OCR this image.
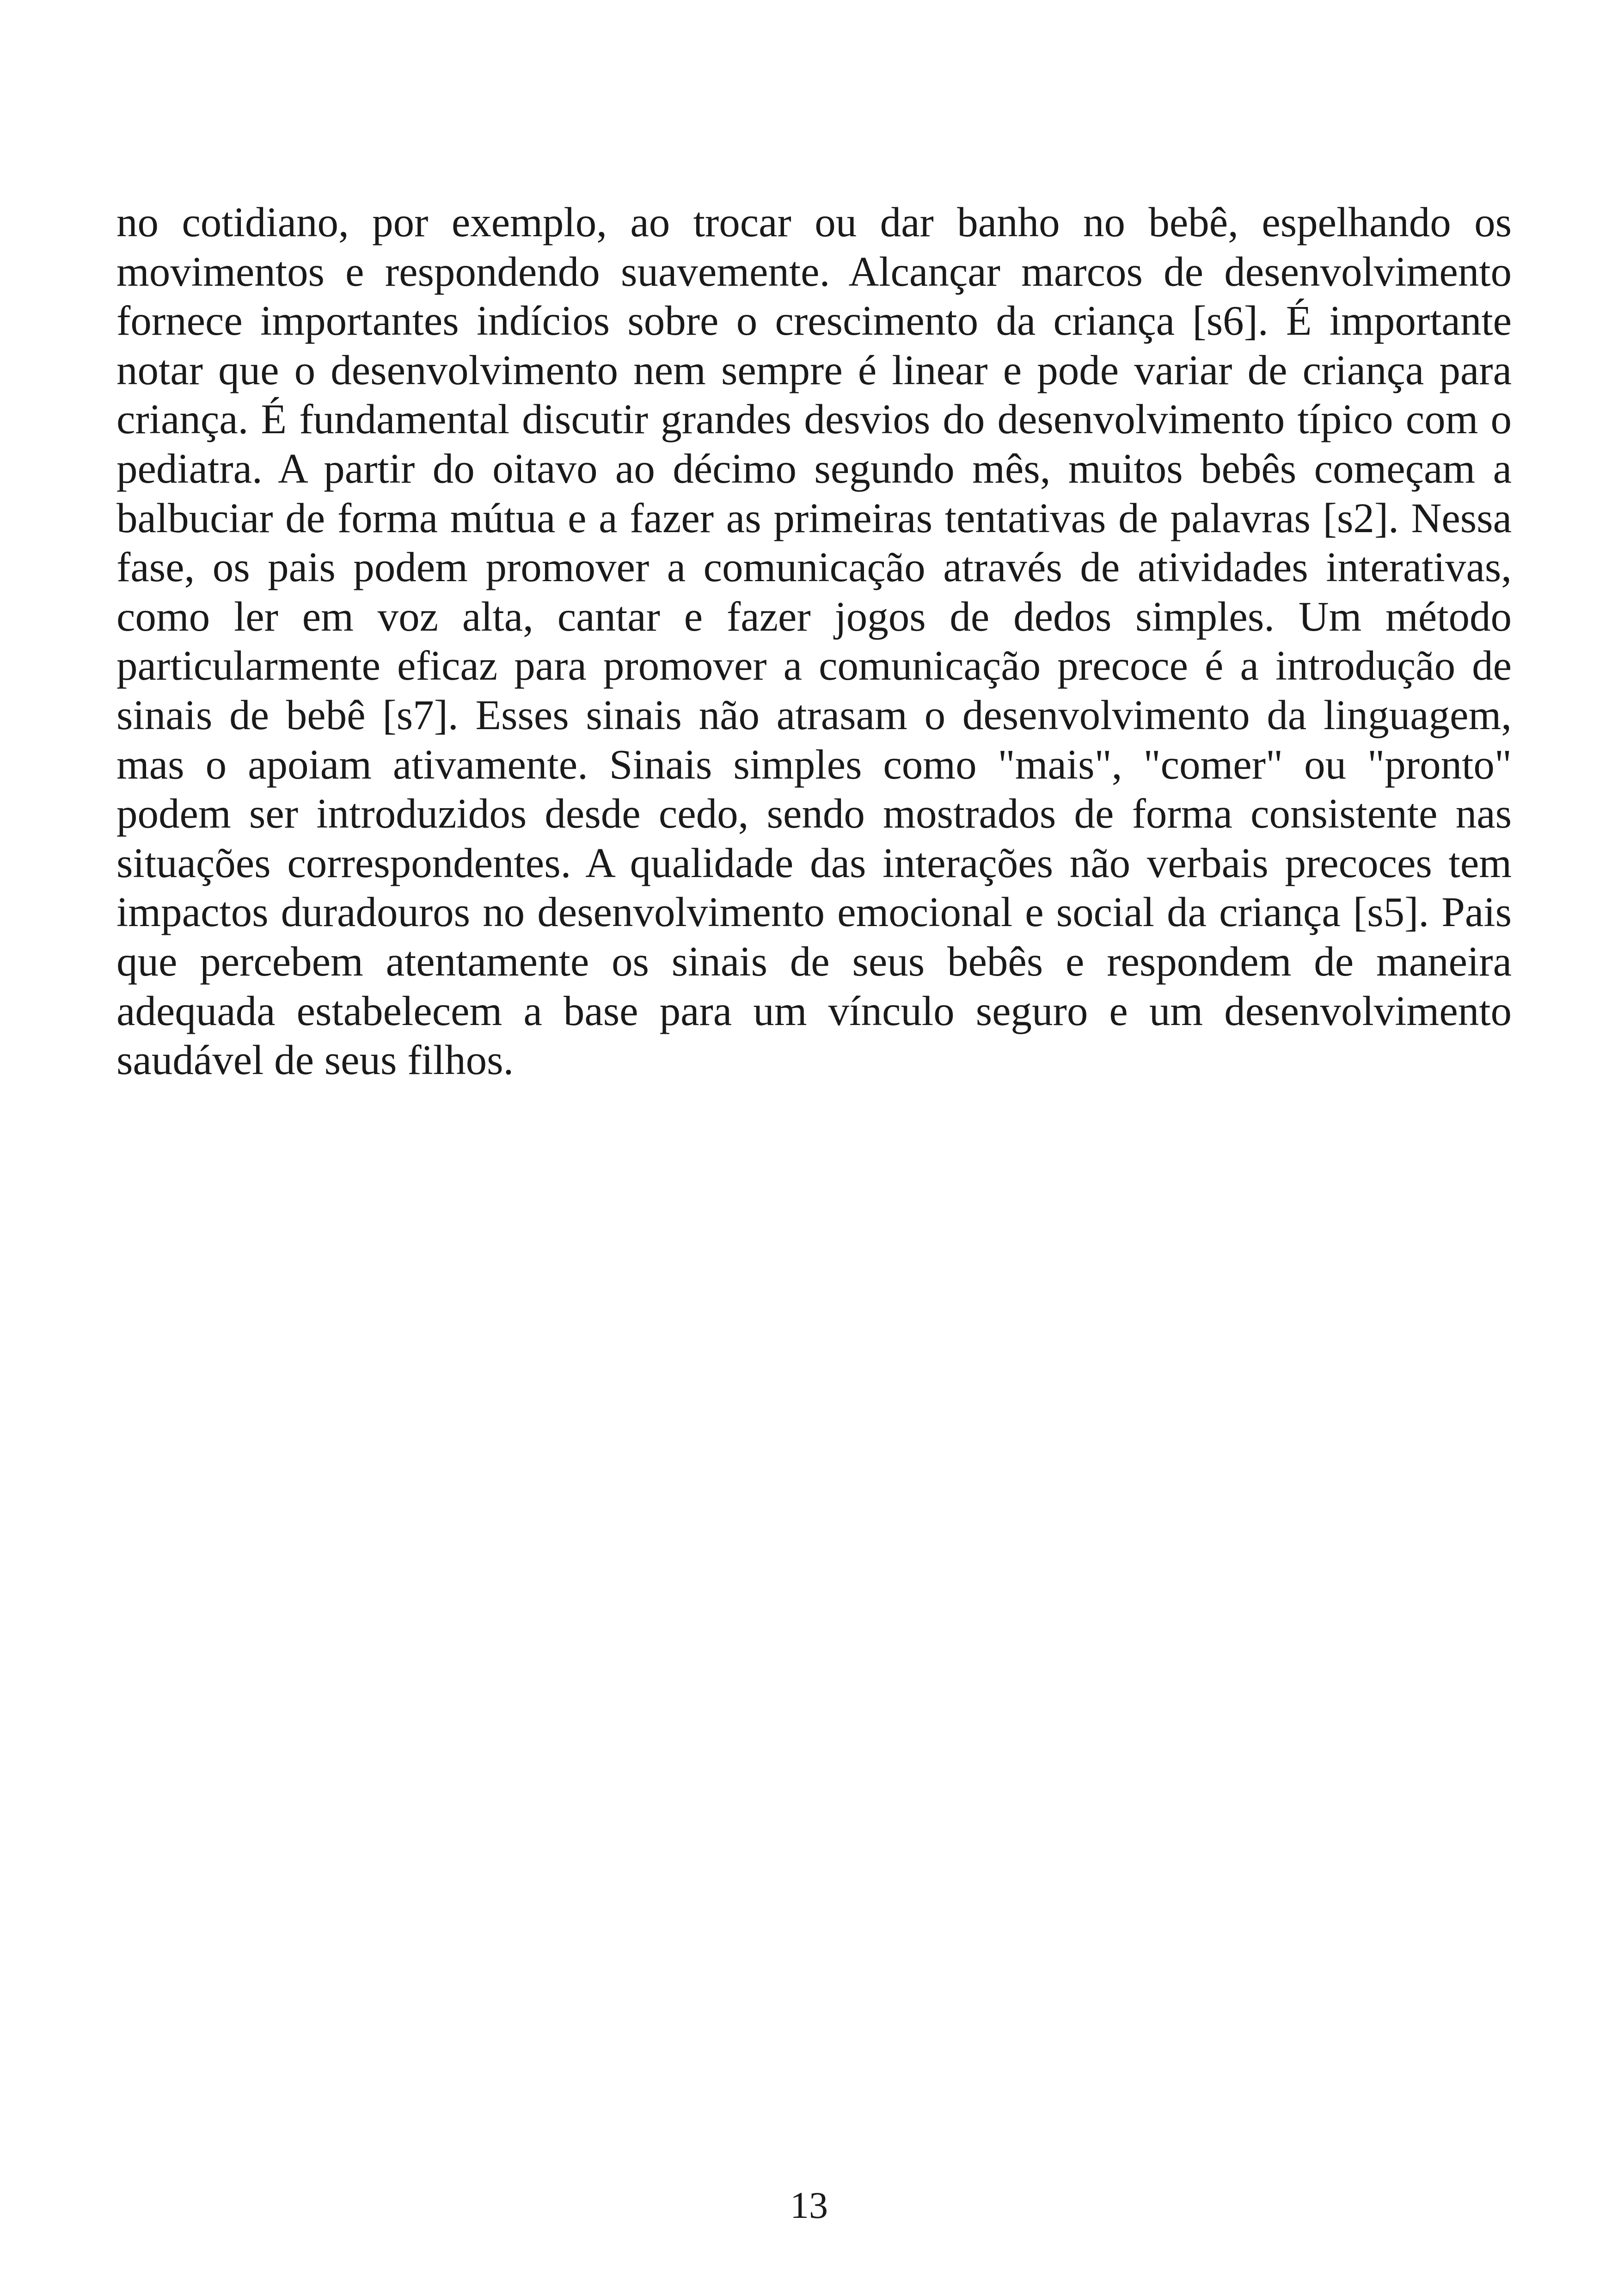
no cotidiano, por exemplo, ao trocar ou dar banho no bebê, espelhando os movimentos e respondendo suavemente. Alcançar marcos de desenvolvimento fornece importantes indícios sobre o crescimento da criança [s6]. É importante notar que o desenvolvimento nem sempre é linear e pode variar de criança para criança. É fundamental discutir grandes desvios do desenvolvimento típico com o pediatra. A partir do oitavo ao décimo segundo mês, muitos bebês começam a balbuciar de forma mútua e a fazer as primeiras tentativas de palavras [s2]. Nessa fase, os pais podem promover a comunicação através de atividades interativas, como ler em voz alta, cantar e fazer jogos de dedos simples. Um método particularmente eficaz para promover a comunicação precoce é a introdução de sinais de bebê [s7]. Esses sinais não atrasam o desenvolvimento da linguagem, mas o apoiam ativamente. Sinais simples como "mais", "comer" ou "pronto" podem ser introduzidos desde cedo, sendo mostrados de forma consistente nas situações correspondentes. A qualidade das interações não verbais precoces tem impactos duradouros no desenvolvimento emocional e social da criança [s5]. Pais que percebem atentamente os sinais de seus bebês e respondem de maneira adequada estabelecem a base para um vínculo seguro e um desenvolvimento saudável de seus filhos.

13
